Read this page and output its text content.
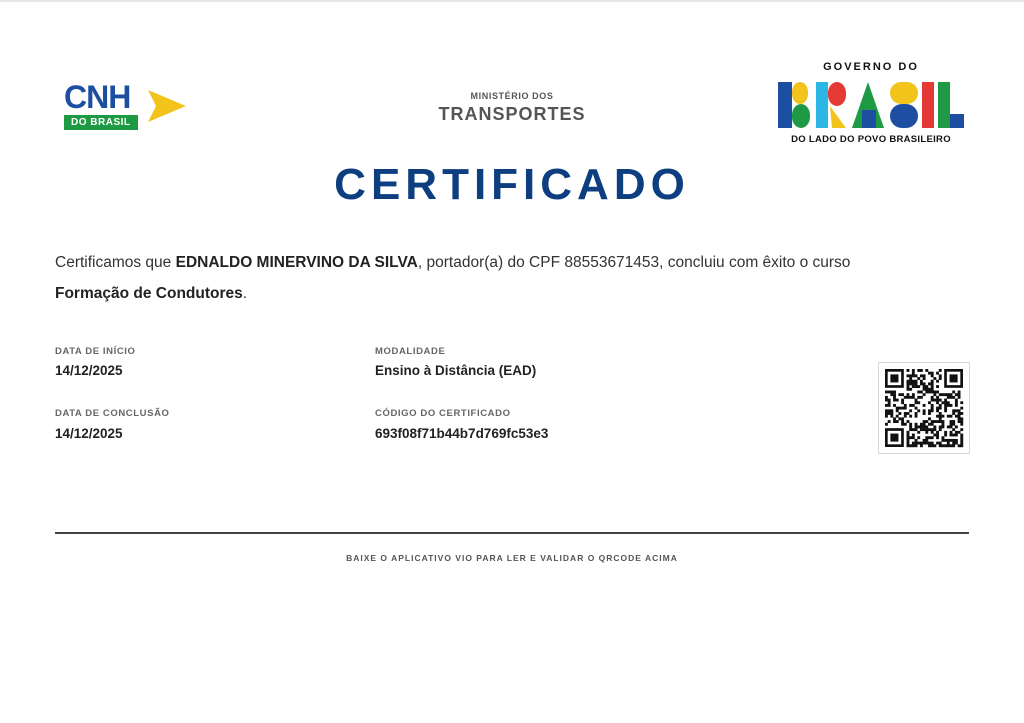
CNH
DO BRASIL
MINISTÉRIO DOS
TRANSPORTES
GOVERNO DO
DO LADO DO POVO BRASILEIRO
CERTIFICADO
Certificamos que EDNALDO MINERVINO DA SILVA, portador(a) do CPF 88553671453, concluiu com êxito o curso
Formação de Condutores.
DATA DE INÍCIO
14/12/2025
DATA DE CONCLUSÃO
14/12/2025
MODALIDADE
Ensino à Distância (EAD)
CÓDIGO DO CERTIFICADO
693f08f71b44b7d769fc53e3
BAIXE O APLICATIVO VIO PARA LER E VALIDAR O QRCODE ACIMA
